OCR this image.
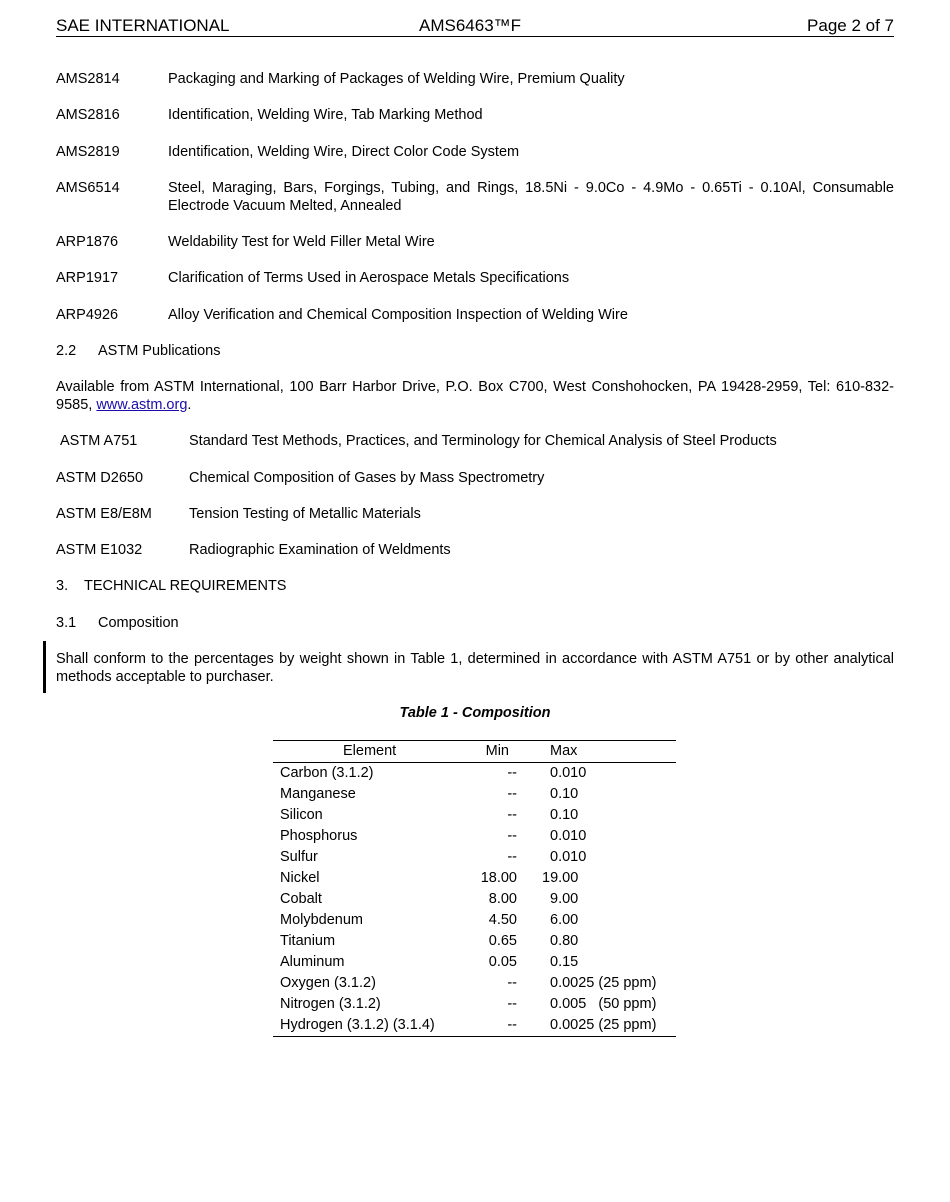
SAE INTERNATIONAL	AMS6463™F	Page 2 of 7
AMS2814	Packaging and Marking of Packages of Welding Wire, Premium Quality
AMS2816	Identification, Welding Wire, Tab Marking Method
AMS2819	Identification, Welding Wire, Direct Color Code System
AMS6514	Steel, Maraging, Bars, Forgings, Tubing, and Rings, 18.5Ni - 9.0Co - 4.9Mo - 0.65Ti - 0.10Al, Consumable Electrode Vacuum Melted, Annealed
ARP1876	Weldability Test for Weld Filler Metal Wire
ARP1917	Clarification of Terms Used in Aerospace Metals Specifications
ARP4926	Alloy Verification and Chemical Composition Inspection of Welding Wire
2.2 ASTM Publications
Available from ASTM International, 100 Barr Harbor Drive, P.O. Box C700, West Conshohocken, PA 19428-2959, Tel: 610-832-9585, www.astm.org.
ASTM A751	Standard Test Methods, Practices, and Terminology for Chemical Analysis of Steel Products
ASTM D2650	Chemical Composition of Gases by Mass Spectrometry
ASTM E8/E8M	Tension Testing of Metallic Materials
ASTM E1032	Radiographic Examination of Weldments
3. TECHNICAL REQUIREMENTS
3.1 Composition
Shall conform to the percentages by weight shown in Table 1, determined in accordance with ASTM A751 or by other analytical methods acceptable to purchaser.
Table 1 - Composition
Element	Min	Max
Carbon (3.1.2)	-- 0.010
Manganese	-- 0.10
Silicon	-- 0.10
Phosphorus	-- 0.010
Sulfur	-- 0.010
Nickel	18.00 19.00
Cobalt	8.00 9.00
Molybdenum	4.50 6.00
Titanium	0.65 0.80
Aluminum	0.05 0.15
Oxygen (3.1.2)	-- 0.0025 (25 ppm)
Nitrogen (3.1.2)	-- 0.005   (50 ppm)
Hydrogen (3.1.2) (3.1.4)	-- 0.0025 (25 ppm)
